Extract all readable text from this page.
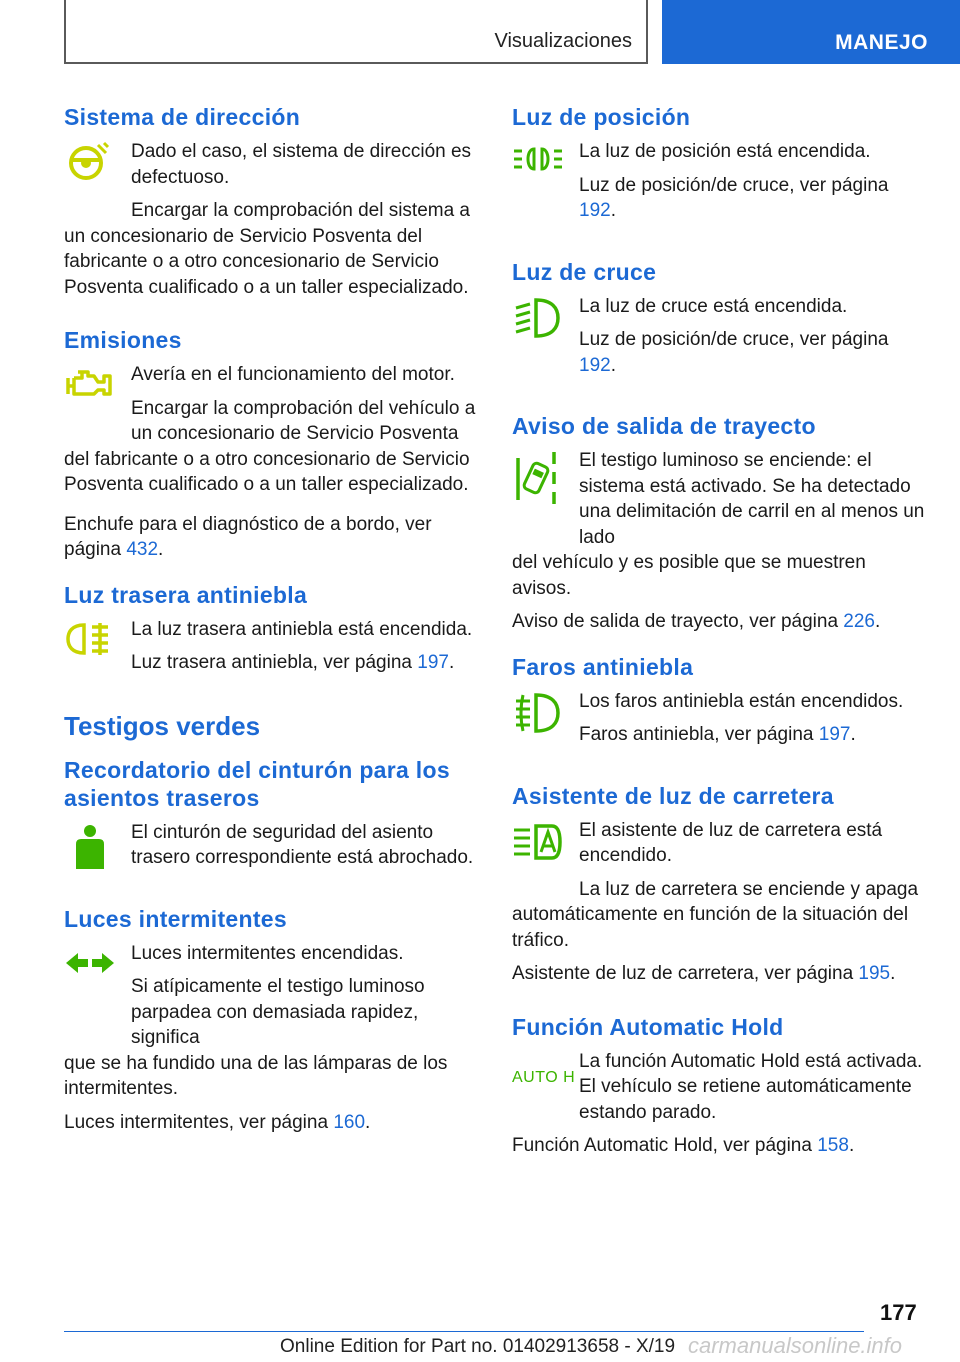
Visualizaciones	MANEJO
Sistema de dirección

Dado el caso, el sistema de dirección es defectuoso.

Encargar la comprobación del sistema a

un concesionario de Servicio Posventa del fabricante o a otro concesionario de Servicio Posventa cualificado o a un taller especializado.

Emisiones

Avería en el funcionamiento del motor.

Encargar la comprobación del vehículo a un concesionario de Servicio Posventa

del fabricante o a otro concesionario de Servicio Posventa cualificado o a un taller especializado.

Enchufe para el diagnóstico de a bordo, ver página 432.

Luz trasera antiniebla

La luz trasera antiniebla está encendida.

Luz trasera antiniebla, ver página 197.

Testigos verdes
Recordatorio del cinturón para los asientos traseros

El cinturón de seguridad del asiento trasero correspondiente está abrochado.

Luces intermitentes

Luces intermitentes encendidas.

Si atípicamente el testigo luminoso parpadea con demasiada rapidez, significa

que se ha fundido una de las lámparas de los intermitentes.

Luces intermitentes, ver página 160.

Luz de posición

La luz de posición está encendida.

Luz de posición/de cruce, ver página 192.

Luz de cruce

La luz de cruce está encendida.

Luz de posición/de cruce, ver página 192.

Aviso de salida de trayecto

El testigo luminoso se enciende: el sistema está activado. Se ha detectado una delimitación de carril en al menos un lado

del vehículo y es posible que se muestren avisos.

Aviso de salida de trayecto, ver página 226.

Faros antiniebla

Los faros antiniebla están encendidos.

Faros antiniebla, ver página 197.

Asistente de luz de carretera

El asistente de luz de carretera está encendido.

La luz de carretera se enciende y apaga

automáticamente en función de la situación del tráfico.

Asistente de luz de carretera, ver página 195.

Función Automatic Hold
AUTO H

La función Automatic Hold está activada. El vehículo se retiene automáticamente estando parado.

Función Automatic Hold, ver página 158.

177
Online Edition for Part no. 01402913658 - X/19 carmanualsonline.info
